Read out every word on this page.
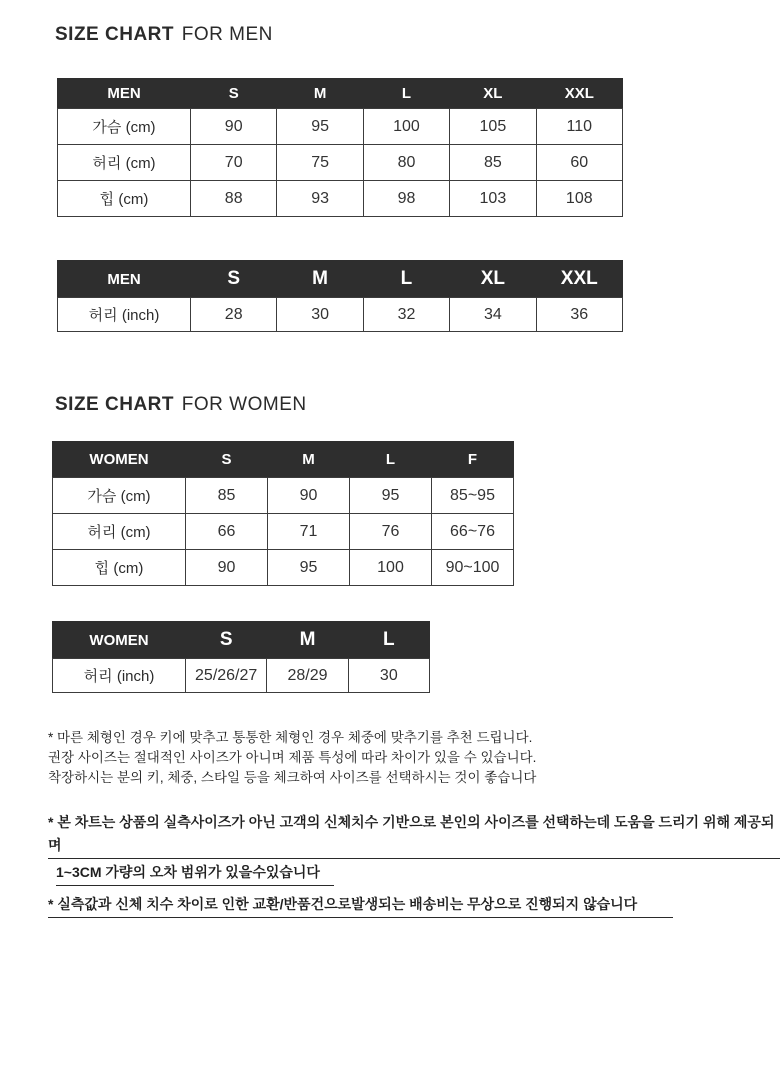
SIZE CHART FOR MEN
MEN	S	M	L	XL	XXL
가슴 (cm)	90	95	100	105	110
허리 (cm)	70	75	80	85	60
힙 (cm)	88	93	98	103	108
MEN	S	M	L	XL	XXL
허리 (inch)	28	30	32	34	36
SIZE CHART FOR WOMEN
WOMEN	S	M	L	F
가슴 (cm)	85	90	95	85~95
허리 (cm)	66	71	76	66~76
힙 (cm)	90	95	100	90~100
WOMEN	S	M	L
허리 (inch)	25/26/27	28/29	30

* 마른 체형인 경우 키에 맞추고 통통한 체형인 경우 체중에 맞추기를 추천 드립니다.
권장 사이즈는 절대적인 사이즈가 아니며 제품 특성에 따라 차이가 있을 수 있습니다.
착장하시는 분의 키, 체중, 스타일 등을 체크하여 사이즈를 선택하시는 것이 좋습니다

* 본 차트는 상품의 실측사이즈가 아닌 고객의 신체치수 기반으로 본인의 사이즈를 선택하는데 도움을 드리기 위해 제공되며
1~3CM 가량의 오차 범위가 있을수있습니다

* 실측값과 신체 치수 차이로 인한 교환/반품건으로발생되는 배송비는 무상으로 진행되지 않습니다
